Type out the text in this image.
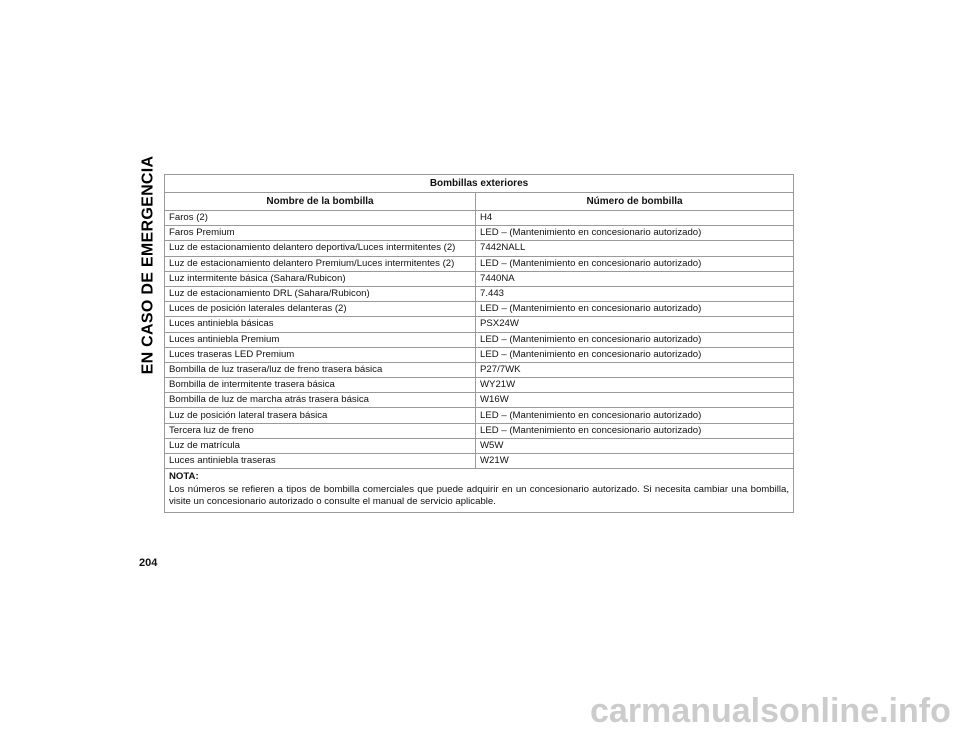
EN CASO DE EMERGENCIA	Bombillas exteriores	
Nombre de la bombilla	Número de bombilla
Faros (2)	H4
Faros Premium	LED – (Mantenimiento en concesionario autorizado)
Luz de estacionamiento delantero deportiva/Luces intermitentes (2)	7442NALL
Luz de estacionamiento delantero Premium/Luces intermitentes (2)	LED – (Mantenimiento en concesionario autorizado)
Luz intermitente básica (Sahara/Rubicon)	7440NA
Luz de estacionamiento DRL (Sahara/Rubicon)	7.443
Luces de posición laterales delanteras (2)	LED – (Mantenimiento en concesionario autorizado)
Luces antiniebla básicas	PSX24W
Luces antiniebla Premium	LED – (Mantenimiento en concesionario autorizado)
Luces traseras LED Premium	LED – (Mantenimiento en concesionario autorizado)
Bombilla de luz trasera/luz de freno trasera básica	P27/7WK
Bombilla de intermitente trasera básica	WY21W
Bombilla de luz de marcha atrás trasera básica	W16W
Luz de posición lateral trasera básica	LED – (Mantenimiento en concesionario autorizado)
Tercera luz de freno	LED – (Mantenimiento en concesionario autorizado)
Luz de matrícula	W5W
Luces antiniebla traseras	W21W

NOTA:
Los números se refieren a tipos de bombilla comerciales que puede adquirir en un concesionario autorizado. Si necesita cambiar una bombilla, visite un concesionario autorizado o consulte el manual de servicio aplicable.	
204
carmanualsonline.info
